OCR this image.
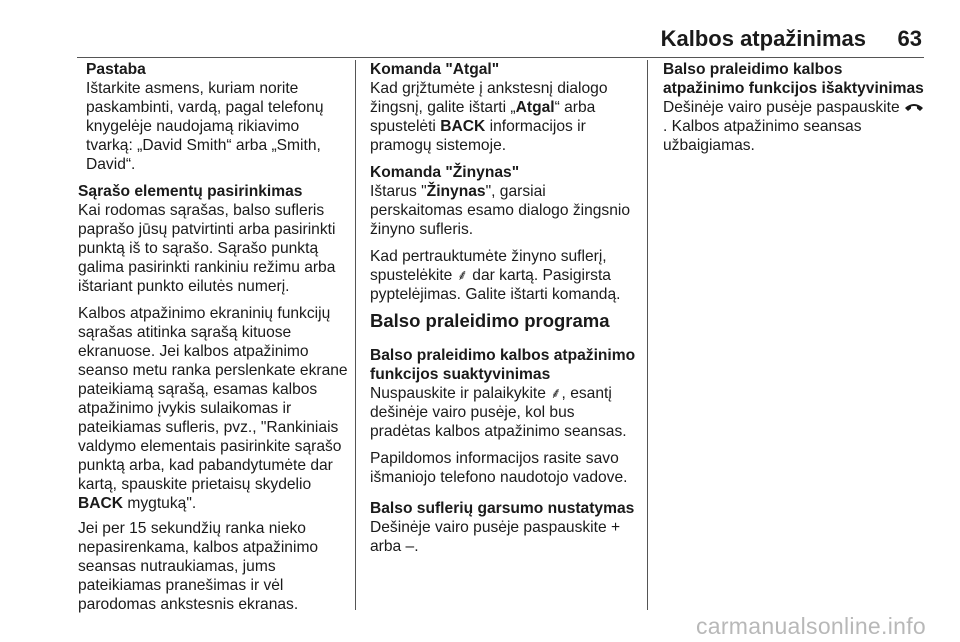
Kalbos atpažinimas 63
Pastaba
Ištarkite asmens, kuriam norite paskambinti, vardą, pagal telefonų knygelėje naudojamą rikiavimo tvarką: „David Smith“ arba „Smith, David“.
Sąrašo elementų pasirinkimas
Kai rodomas sąrašas, balso sufleris paprašo jūsų patvirtinti arba pasirinkti punktą iš to sąrašo. Sąrašo punktą galima pasirinkti rankiniu režimu arba ištariant punkto eilutės numerį.

Kalbos atpažinimo ekraninių funkcijų sąrašas atitinka sąrašą kituose ekranuose. Jei kalbos atpažinimo seanso metu ranka perslenkate ekrane pateikiamą sąrašą, esamas kalbos atpažinimo įvykis sulaikomas ir pateikiamas sufleris, pvz., "Rankiniais valdymo elementais pasirinkite sąrašo punktą arba, kad pabandytumėte dar kartą, spauskite prietaisų skydelio BACK mygtuką".

Jei per 15 sekundžių ranka nieko nepasirenkama, kalbos atpažinimo seansas nutraukiamas, jums pateikiamas pranešimas ir vėl parodomas ankstesnis ekranas.

Komanda "Atgal"
Kad grįžtumėte į ankstesnį dialogo žingsnį, galite ištarti „Atgal“ arba spustelėti BACK informacijos ir pramogų sistemoje.
Komanda "Žinynas"
Ištarus "Žinynas", garsiai perskaitomas esamo dialogo žingsnio žinyno sufleris.

Kad pertrauktumėte žinyno suflerį, spustelėkite ⸙ dar kartą. Pasigirsta pyptelėjimas. Galite ištarti komandą.

Balso praleidimo programa
Balso praleidimo kalbos atpažinimo funkcijos suaktyvinimas
Nuspauskite ir palaikykite ⸙, esantį dešinėje vairo pusėje, kol bus pradėtas kalbos atpažinimo seansas.

Papildomos informacijos rasite savo išmaniojo telefono naudotojo vadove.

Balso suflerių garsumo nustatymas
Dešinėje vairo pusėje paspauskite + arba –.
Balso praleidimo kalbos atpažinimo funkcijos išaktyvinimas
Dešinėje vairo pusėje paspauskite . Kalbos atpažinimo seansas užbaigiamas.
carmanualsonline.info
